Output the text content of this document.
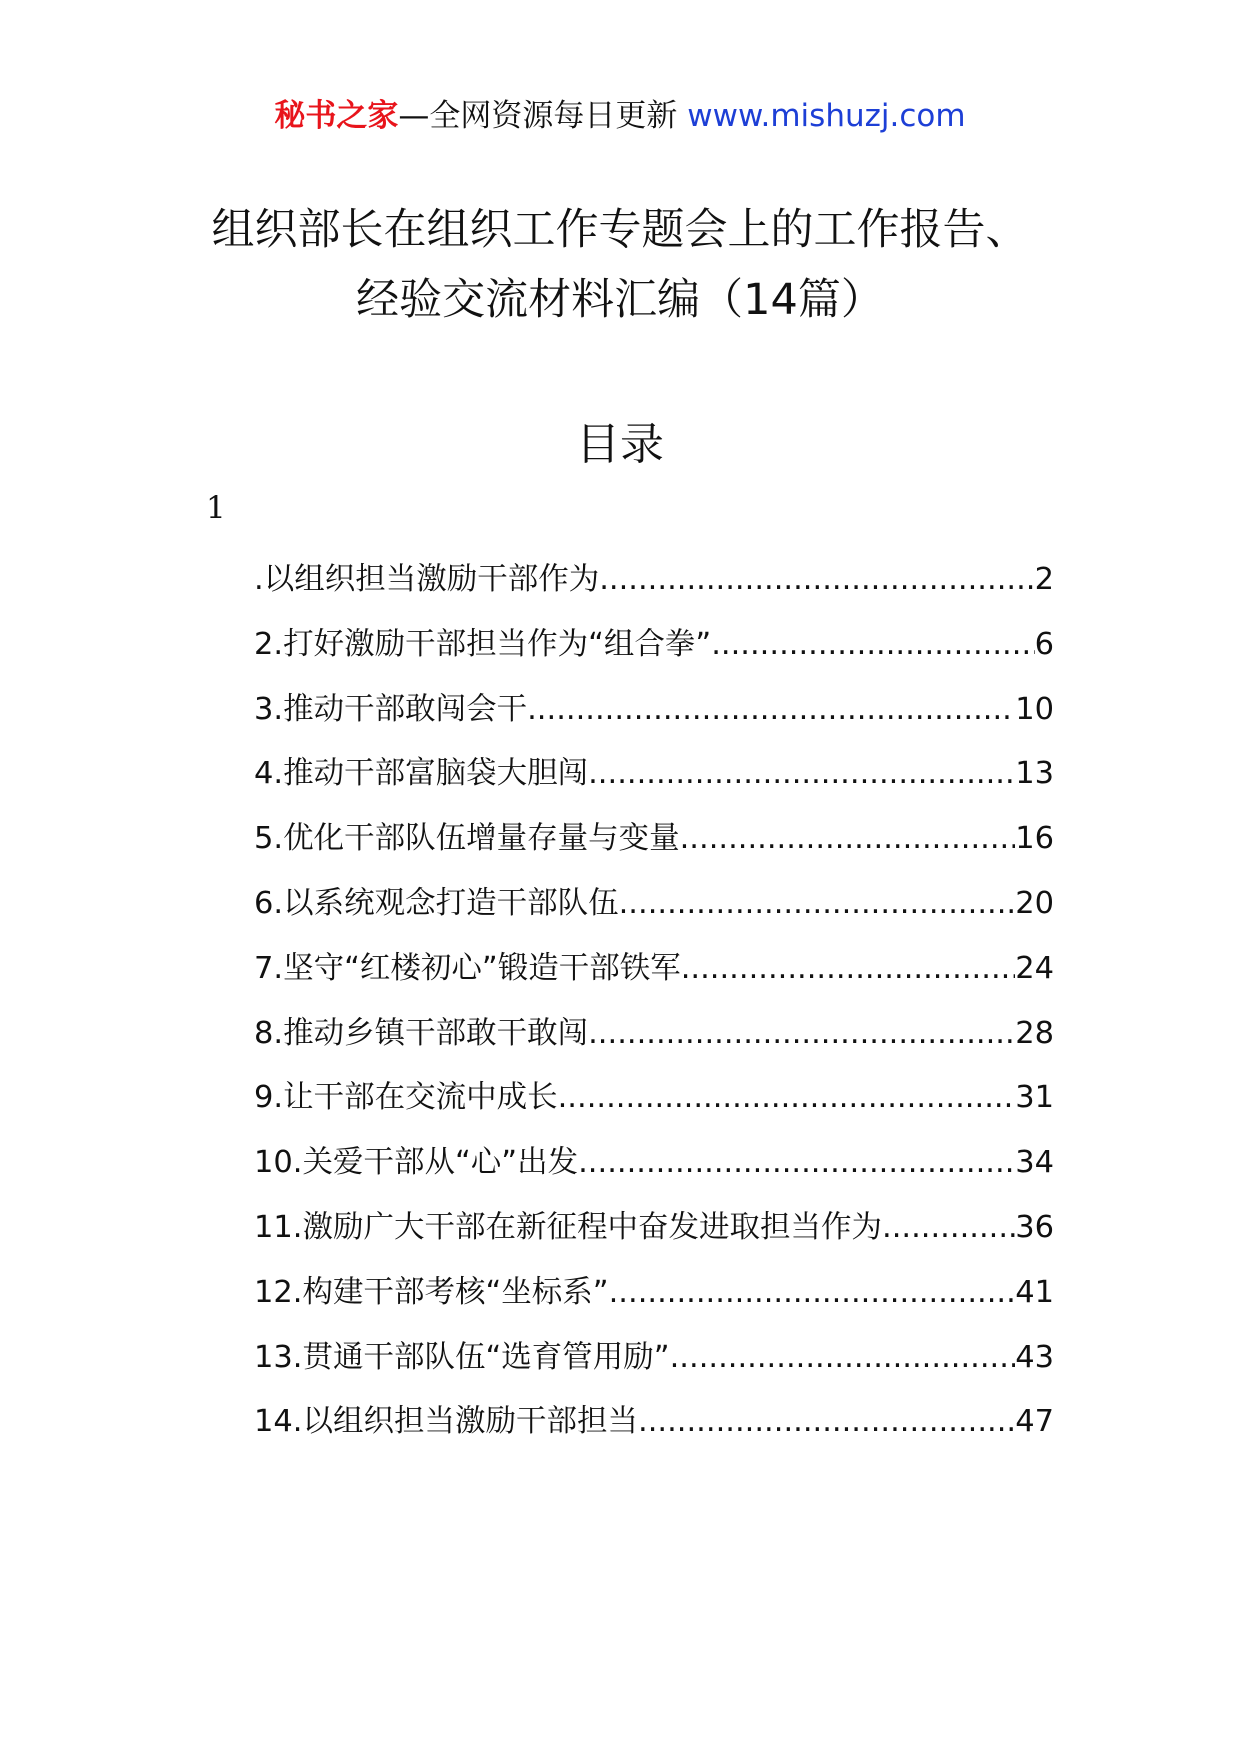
秘书之家—全网资源每日更新 www.mishuzj.com
组织部长在组织工作专题会上的工作报告、
经验交流材料汇编（14篇）
目录
1
.以组织担当激励干部作为 .....	2
2.打好激励干部担当作为“组合拳” .....	6
3.推动干部敢闯会干 .....	10
4.推动干部富脑袋大胆闯 .....	13
5.优化干部队伍增量存量与变量 .....	16
6.以系统观念打造干部队伍 .....	20
7.坚守“红楼初心”锻造干部铁军 .....	24
8.推动乡镇干部敢干敢闯 .....	28
9.让干部在交流中成长 .....	31
10.关爱干部从“心”出发 .....	34
11.激励广大干部在新征程中奋发进取担当作为 .....	36
12.构建干部考核“坐标系” .....	41
13.贯通干部队伍“选育管用励” .....	43
14.以组织担当激励干部担当 .....	47
